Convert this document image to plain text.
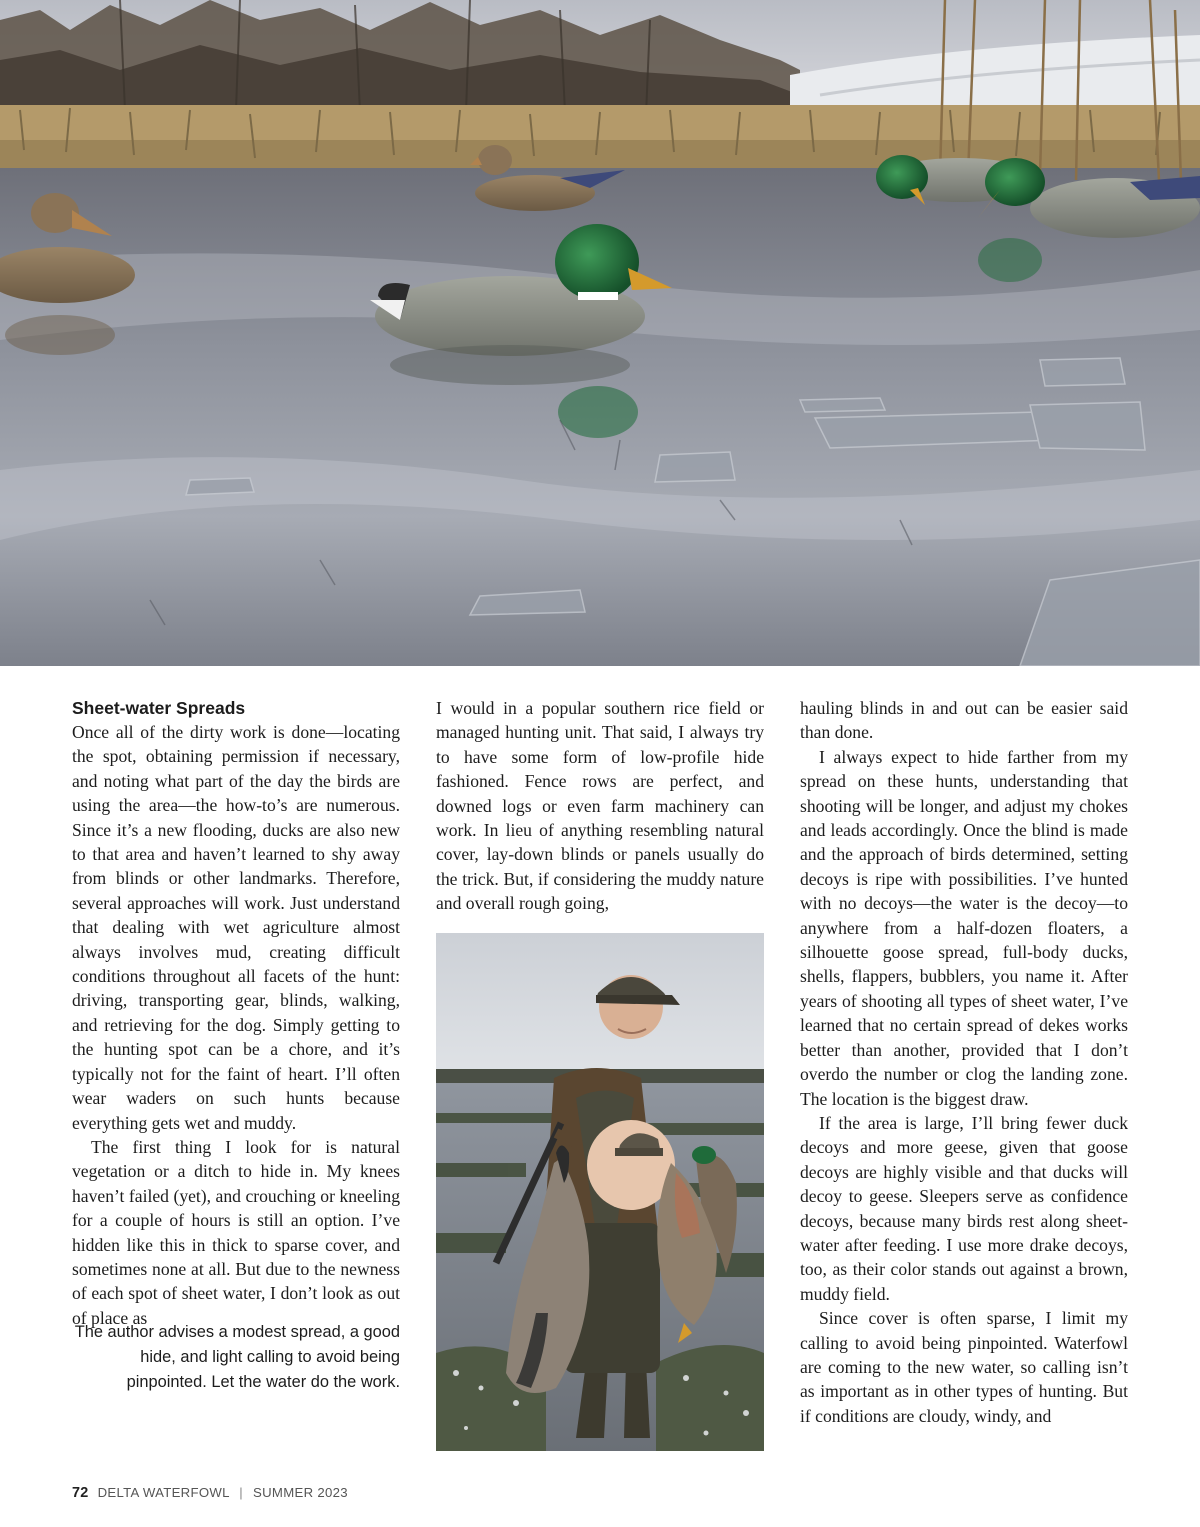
Sheet-water Spreads

Once all of the dirty work is done—locating the spot, obtaining permission if necessary, and noting what part of the day the birds are using the area—the how-to’s are numerous. Since it’s a new flooding, ducks are also new to that area and haven’t learned to shy away from blinds or other landmarks. Therefore, several approaches will work. Just understand that dealing with wet agriculture almost always involves mud, creating difficult conditions throughout all facets of the hunt: driving, transporting gear, blinds, walking, and retrieving for the dog. Simply getting to the hunting spot can be a chore, and it’s typically not for the faint of heart. I’ll often wear waders on such hunts because everything gets wet and muddy.

The first thing I look for is natural vegetation or a ditch to hide in. My knees haven’t failed (yet), and crouching or kneeling for a couple of hours is still an option. I’ve hidden like this in thick to sparse cover, and sometimes none at all. But due to the newness of each spot of sheet water, I don’t look as out of place as

The author advises a modest spread, a good hide, and light calling to avoid being pinpointed. Let the water do the work.

I would in a popular southern rice field or managed hunting unit. That said, I always try to have some form of low-profile hide fashioned. Fence rows are perfect, and downed logs or even farm machinery can work. In lieu of anything resembling natural cover, lay-down blinds or panels usually do the trick. But, if considering the muddy nature and overall rough going,

hauling blinds in and out can be easier said than done.

I always expect to hide farther from my spread on these hunts, understanding that shooting will be longer, and adjust my chokes and leads accordingly. Once the blind is made and the approach of birds determined, setting decoys is ripe with possibilities. I’ve hunted with no decoys—the water is the decoy—to anywhere from a half-dozen floaters, a silhouette goose spread, full-body ducks, shells, flappers, bubblers, you name it. After years of shooting all types of sheet water, I’ve learned that no certain spread of dekes works better than another, provided that I don’t overdo the number or clog the landing zone. The location is the biggest draw.

If the area is large, I’ll bring fewer duck decoys and more geese, given that goose decoys are highly visible and that ducks will decoy to geese. Sleepers serve as confidence decoys, because many birds rest along sheet-water after feeding. I use more drake decoys, too, as their color stands out against a brown, muddy field.

Since cover is often sparse, I limit my calling to avoid being pinpointed. Waterfowl are coming to the new water, so calling isn’t as important as in other types of hunting. But if conditions are cloudy, windy, and

72 DELTA WATERFOWL | SUMMER 2023
